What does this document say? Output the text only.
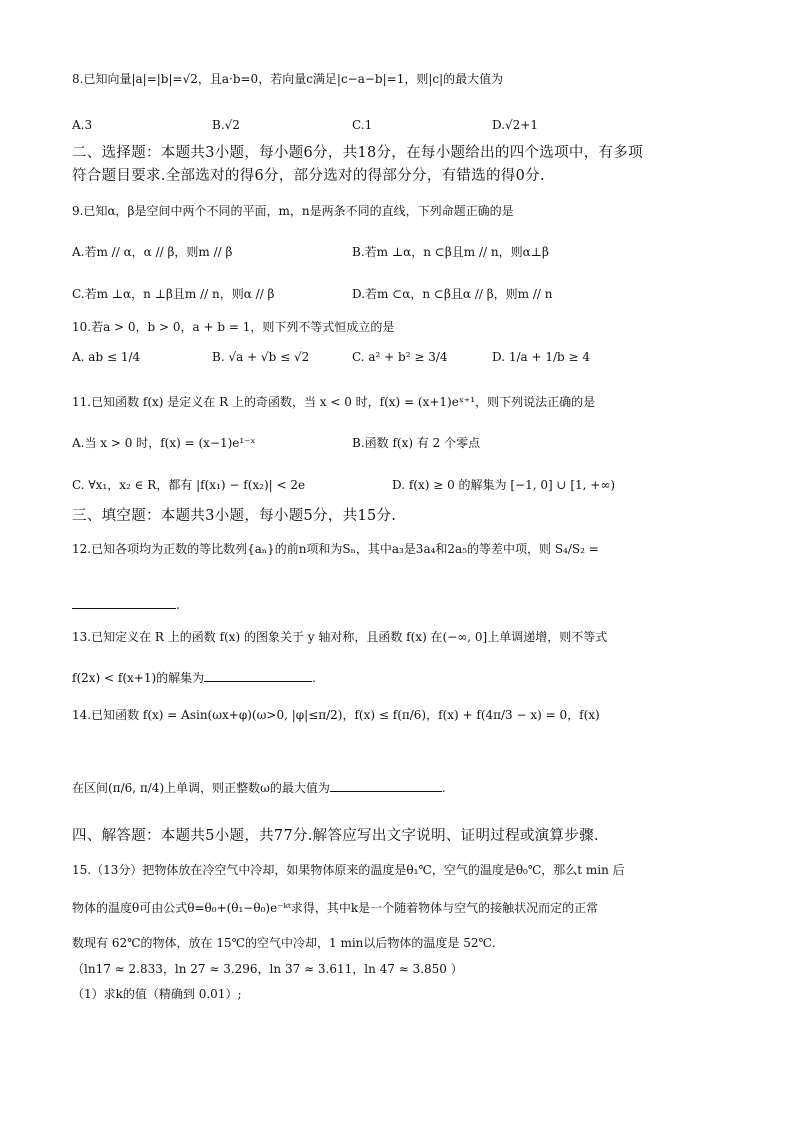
8.已知向量|a|=|b|=√2，且a·b=0，若向量c满足|c−a−b|=1，则|c|的最大值为
A.3	B.√2	C.1	D.√2+1
二、选择题：本题共3小题，每小题6分，共18分，在每小题给出的四个选项中，有多项
符合题目要求.全部选对的得6分，部分选对的得部分分，有错选的得0分.
9.已知α，β是空间中两个不同的平面，m，n是两条不同的直线，下列命题正确的是
A.若m // α，α // β，则m // β	B.若m ⊥α，n ⊂β且m // n，则α⊥β
C.若m ⊥α，n ⊥β且m // n，则α // β	D.若m ⊂α，n ⊂β且α // β，则m // n
10.若a > 0，b > 0，a + b = 1，则下列不等式恒成立的是
A. ab ≤ 1/4	B. √a + √b ≤ √2	C. a² + b² ≥ 3/4	D. 1/a + 1/b ≥ 4
11.已知函数 f(x) 是定义在 R 上的奇函数，当 x < 0 时，f(x) = (x+1)eˣ⁺¹，则下列说法正确的是
A.当 x > 0 时，f(x) = (x−1)e¹⁻ˣ	B.函数 f(x) 有 2 个零点
C. ∀x₁，x₂ ∈ R，都有 |f(x₁) − f(x₂)| < 2e	D. f(x) ≥ 0 的解集为 [−1, 0] ∪ [1, +∞)
三、填空题：本题共3小题，每小题5分，共15分.
12.已知各项均为正数的等比数列{aₙ}的前n项和为Sₙ，其中a₃是3a₄和2a₅的等差中项，则 S₄/S₂ =
.
13.已知定义在 R 上的函数 f(x) 的图象关于 y 轴对称，且函数 f(x) 在(−∞, 0]上单调递增，则不等式
f(2x) < f(x+1)的解集为	.
14.已知函数 f(x) = Asin(ωx+φ)(ω>0, |φ|≤π/2)，f(x) ≤ f(π/6)，f(x) + f(4π/3 − x) = 0，f(x)
在区间(π/6, π/4)上单调，则正整数ω的最大值为	.
四、解答题：本题共5小题，共77分.解答应写出文字说明、证明过程或演算步骤.
15.（13分）把物体放在冷空气中冷却，如果物体原来的温度是θ₁℃，空气的温度是θ₀℃，那么t min 后
物体的温度θ可由公式θ=θ₀+(θ₁−θ₀)e⁻ᵏᵗ求得，其中k是一个随着物体与空气的接触状况而定的正常
数现有 62℃的物体，放在 15℃的空气中冷却，1 min以后物体的温度是 52℃.
（ln17 ≈ 2.833，ln 27 ≈ 3.296，ln 37 ≈ 3.611，ln 47 ≈ 3.850 ）
（1）求k的值（精确到 0.01）;
